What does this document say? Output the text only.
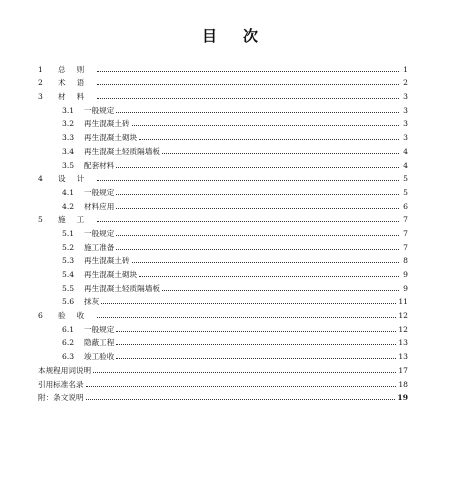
目次
1	总则	1
2	术语	2
3	材料	3
3.1	一般规定	3
3.2	再生混凝土砖	3
3.3	再生混凝土砌块	3
3.4	再生混凝土轻质隔墙板	4
3.5	配套材料	4
4	设计	5
4.1	一般规定	5
4.2	材料应用	6
5	施工	7
5.1	一般规定	7
5.2	施工准备	7
5.3	再生混凝土砖	8
5.4	再生混凝土砌块	9
5.5	再生混凝土轻质隔墙板	9
5.6	抹灰	11
6	验收	12
6.1	一般规定	12
6.2	隐蔽工程	13
6.3	竣工验收	13
本规程用词说明	17
引用标准名录	18
附：条文说明	19
